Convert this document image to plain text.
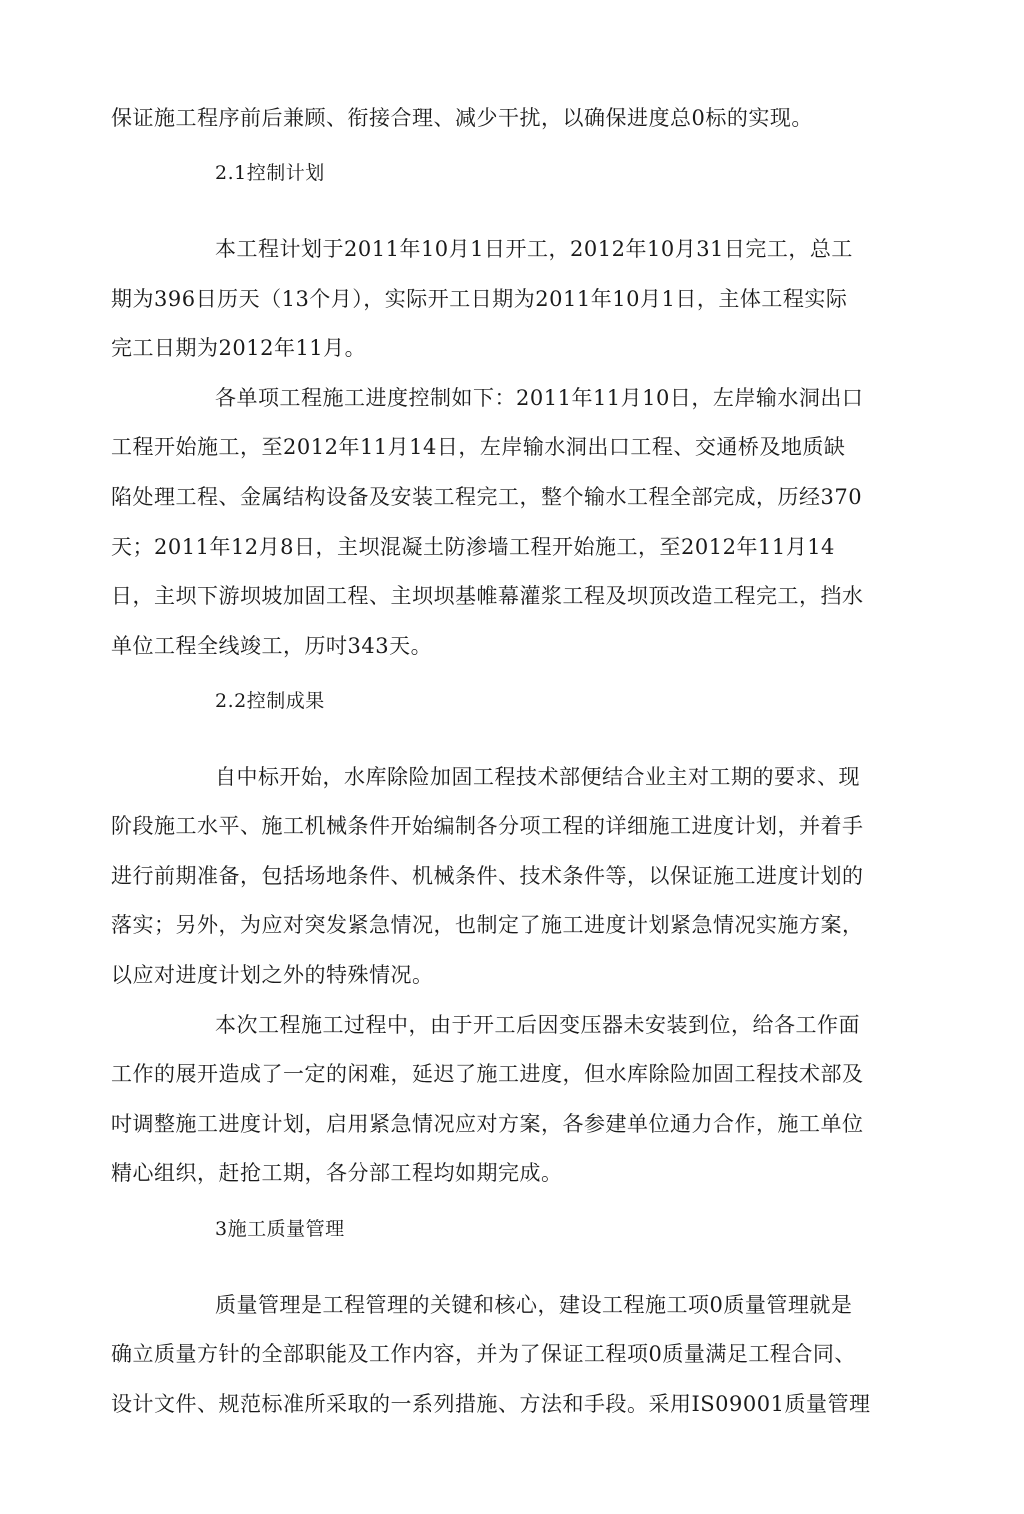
保证施工程序前后兼顾、衔接合理、减少干扰，以确保进度总0标的实现。
2.1控制计划
本工程计划于2011年10月1日开工，2012年10月31日完工，总工
期为396日历天（13个月），实际开工日期为2011年10月1日，主体工程实际
完工日期为2012年11月。
各单项工程施工进度控制如下：2011年11月10日，左岸输水洞出口
工程开始施工，至2012年11月14日，左岸输水洞出口工程、交通桥及地质缺
陷处理工程、金属结构设备及安装工程完工，整个输水工程全部完成，历经370
天；2011年12月8日，主坝混凝土防渗墙工程开始施工，至2012年11月14
日，主坝下游坝坡加固工程、主坝坝基帷幕灌浆工程及坝顶改造工程完工，挡水
单位工程全线竣工，历吋343天。
2.2控制成果
自中标开始，水库除险加固工程技术部便结合业主对工期的要求、现
阶段施工水平、施工机械条件开始编制各分项工程的详细施工进度计划，并着手
进行前期准备，包括场地条件、机械条件、技术条件等，以保证施工进度计划的
落实；另外，为应对突发紧急情况，也制定了施工进度计划紧急情况实施方案，
以应对进度计划之外的特殊情况。
本次工程施工过程中，由于开工后因变压器未安装到位，给各工作面
工作的展开造成了一定的闲难，延迟了施工进度，但水库除险加固工程技术部及
吋调整施工进度计划，启用紧急情况应对方案，各参建单位通力合作，施工单位
精心组织，赶抢工期，各分部工程均如期完成。
3施工质量管理
质量管理是工程管理的关键和核心，建设工程施工项0质量管理就是
确立质量方针的全部职能及工作内容，并为了保证工程项0质量满足工程合同、
设计文件、规范标准所采取的一系列措施、方法和手段。采用IS09001质量管理
